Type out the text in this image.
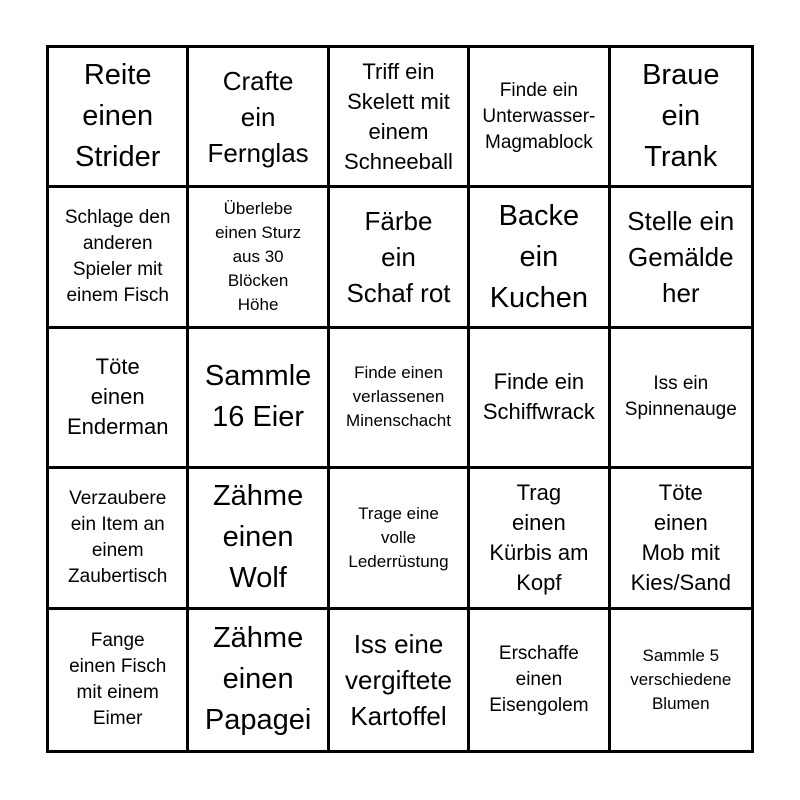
Reite
einen
Strider
Crafte
ein
Fernglas
Triff ein
Skelett mit
einem
Schneeball
Finde ein
Unterwasser-
Magmablock
Braue
ein
Trank
Schlage den
anderen
Spieler mit
einem Fisch
Überlebe
einen Sturz
aus 30
Blöcken
Höhe
Färbe
ein
Schaf rot
Backe
ein
Kuchen
Stelle ein
Gemälde
her
Töte
einen
Enderman
Sammle
16 Eier
Finde einen
verlassenen
Minenschacht
Finde ein
Schiffwrack
Iss ein
Spinnenauge
Verzaubere
ein Item an
einem
Zaubertisch
Zähme
einen
Wolf
Trage eine
volle
Lederrüstung
Trag
einen
Kürbis am
Kopf
Töte
einen
Mob mit
Kies/Sand
Fange
einen Fisch
mit einem
Eimer
Zähme
einen
Papagei
Iss eine
vergiftete
Kartoffel
Erschaffe
einen
Eisengolem
Sammle 5
verschiedene
Blumen
